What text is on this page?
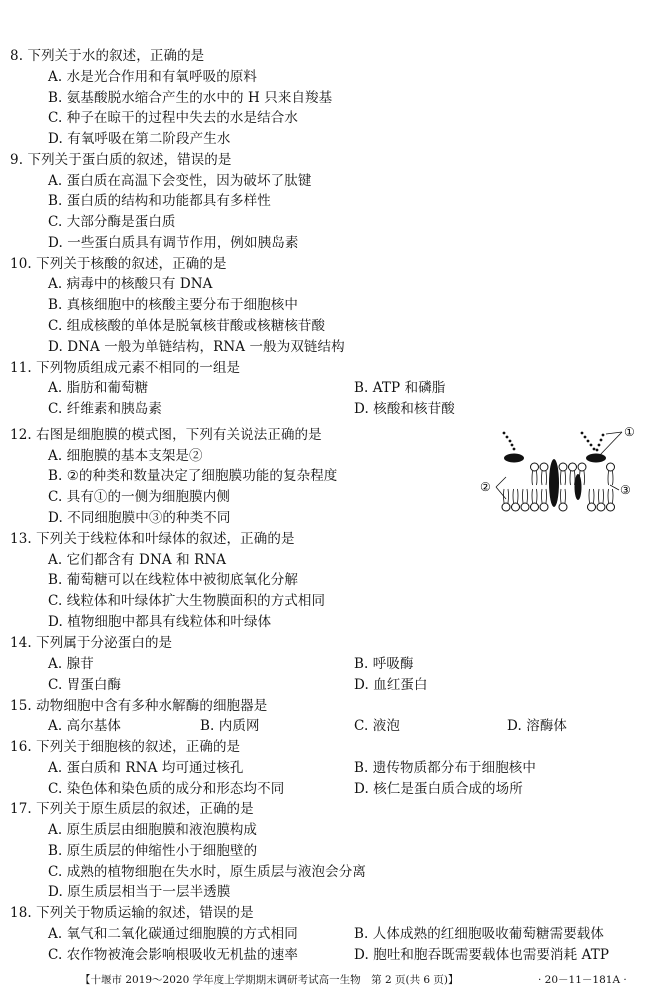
8. 下列关于水的叙述，正确的是
A. 水是光合作用和有氧呼吸的原料
B. 氨基酸脱水缩合产生的水中的 H 只来自羧基
C. 种子在晾干的过程中失去的水是结合水
D. 有氧呼吸在第二阶段产生水
9. 下列关于蛋白质的叙述，错误的是
A. 蛋白质在高温下会变性，因为破坏了肽键
B. 蛋白质的结构和功能都具有多样性
C. 大部分酶是蛋白质
D. 一些蛋白质具有调节作用，例如胰岛素
10. 下列关于核酸的叙述，正确的是
A. 病毒中的核酸只有 DNA
B. 真核细胞中的核酸主要分布于细胞核中
C. 组成核酸的单体是脱氧核苷酸或核糖核苷酸
D. DNA 一般为单链结构，RNA 一般为双链结构
11. 下列物质组成元素不相同的一组是
A. 脂肪和葡萄糖	B. ATP 和磷脂
C. 纤维素和胰岛素	D. 核酸和核苷酸
12. 右图是细胞膜的模式图，下列有关说法正确的是
A. 细胞膜的基本支架是②
B. ②的种类和数量决定了细胞膜功能的复杂程度
C. 具有①的一侧为细胞膜内侧
D. 不同细胞膜中③的种类不同
①
②	③
13. 下列关于线粒体和叶绿体的叙述，正确的是
A. 它们都含有 DNA 和 RNA
B. 葡萄糖可以在线粒体中被彻底氧化分解
C. 线粒体和叶绿体扩大生物膜面积的方式相同
D. 植物细胞中都具有线粒体和叶绿体
14. 下列属于分泌蛋白的是
A. 腺苷	B. 呼吸酶
C. 胃蛋白酶	D. 血红蛋白
15. 动物细胞中含有多种水解酶的细胞器是
A. 高尔基体	B. 内质网	C. 液泡	D. 溶酶体
16. 下列关于细胞核的叙述，正确的是
A. 蛋白质和 RNA 均可通过核孔	B. 遗传物质都分布于细胞核中
C. 染色体和染色质的成分和形态均不同	D. 核仁是蛋白质合成的场所
17. 下列关于原生质层的叙述，正确的是
A. 原生质层由细胞膜和液泡膜构成
B. 原生质层的伸缩性小于细胞壁的
C. 成熟的植物细胞在失水时，原生质层与液泡会分离
D. 原生质层相当于一层半透膜
18. 下列关于物质运输的叙述，错误的是
A. 氧气和二氧化碳通过细胞膜的方式相同	B. 人体成熟的红细胞吸收葡萄糖需要载体
C. 农作物被淹会影响根吸收无机盐的速率	D. 胞吐和胞吞既需要载体也需要消耗 ATP
【十堰市 2019～2020 学年度上学期期末调研考试高一生物　第 2 页(共 6 页)】	· 20－11－181A ·
